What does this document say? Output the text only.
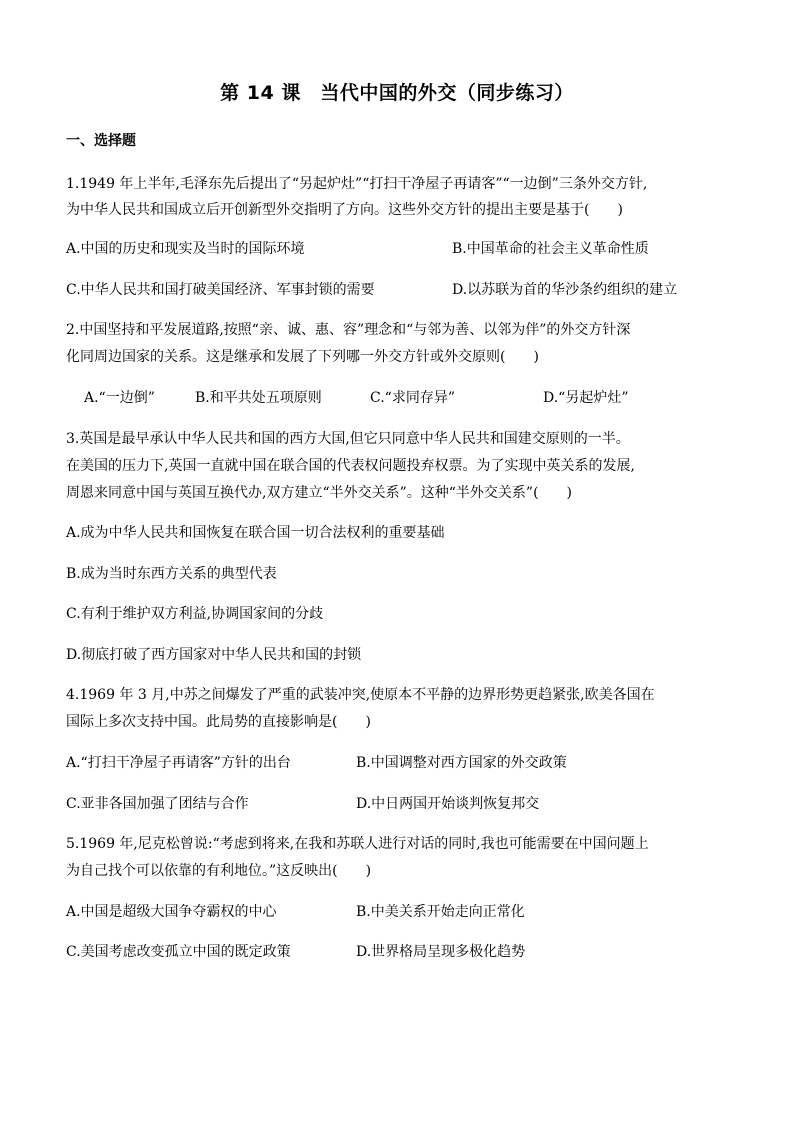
第 14 课　当代中国的外交（同步练习）
一、选择题
1.1949 年上半年,毛泽东先后提出了“另起炉灶”“打扫干净屋子再请客”“一边倒”三条外交方针,
为中华人民共和国成立后开创新型外交指明了方向。这些外交方针的提出主要是基于(　　)
A.中国的历史和现实及当时的国际环境	B.中国革命的社会主义革命性质
C.中华人民共和国打破美国经济、军事封锁的需要	D.以苏联为首的华沙条约组织的建立
2.中国坚持和平发展道路,按照“亲、诚、惠、容”理念和“与邻为善、以邻为伴”的外交方针深
化同周边国家的关系。这是继承和发展了下列哪一外交方针或外交原则(　　)
A.“一边倒”	B.和平共处五项原则	C.“求同存异”	D.“另起炉灶”
3.英国是最早承认中华人民共和国的西方大国,但它只同意中华人民共和国建交原则的一半。
在美国的压力下,英国一直就中国在联合国的代表权问题投弃权票。为了实现中英关系的发展,
周恩来同意中国与英国互换代办,双方建立“半外交关系”。这种“半外交关系”(　　)
A.成为中华人民共和国恢复在联合国一切合法权利的重要基础
B.成为当时东西方关系的典型代表
C.有利于维护双方利益,协调国家间的分歧
D.彻底打破了西方国家对中华人民共和国的封锁
4.1969 年 3 月,中苏之间爆发了严重的武装冲突,使原本不平静的边界形势更趋紧张,欧美各国在
国际上多次支持中国。此局势的直接影响是(　　)
A.“打扫干净屋子再请客”方针的出台	B.中国调整对西方国家的外交政策
C.亚非各国加强了团结与合作	D.中日两国开始谈判恢复邦交
5.1969 年,尼克松曾说:“考虑到将来,在我和苏联人进行对话的同时,我也可能需要在中国问题上
为自己找个可以依靠的有利地位。”这反映出(　　)
A.中国是超级大国争夺霸权的中心	B.中美关系开始走向正常化
C.美国考虑改变孤立中国的既定政策	D.世界格局呈现多极化趋势
